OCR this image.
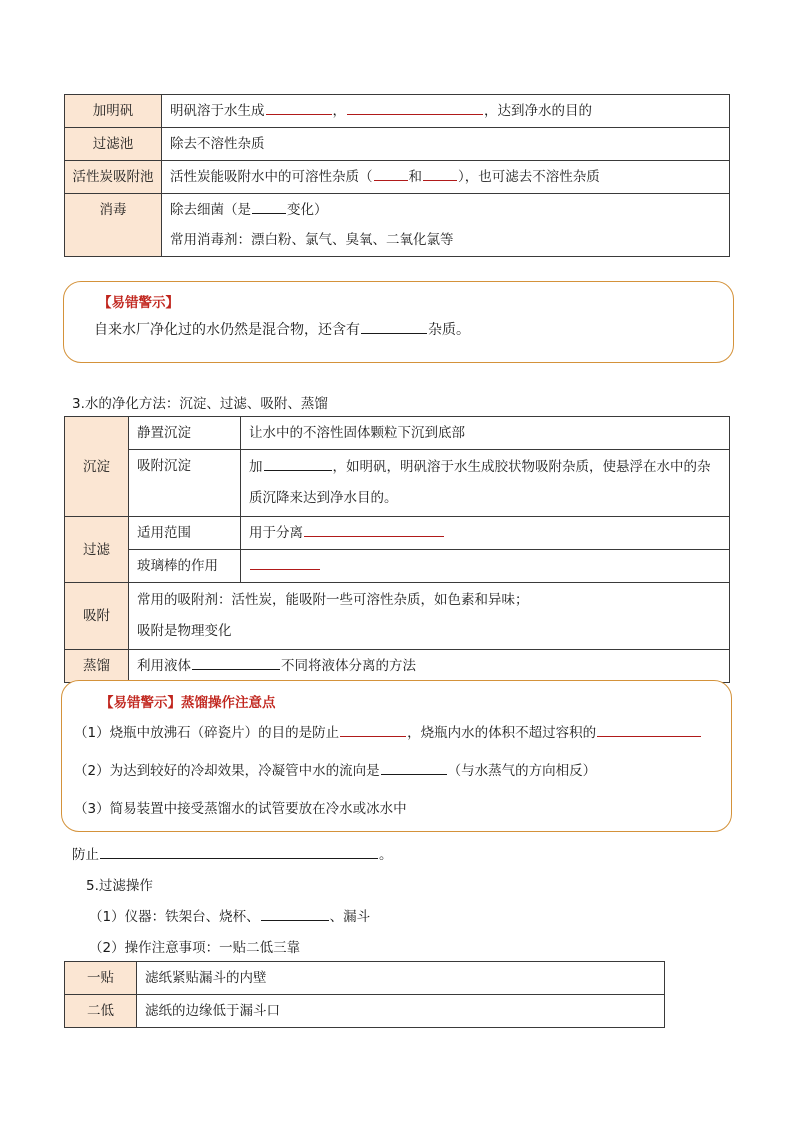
加明矾	明矾溶于水生成 ， ，达到净水的目的
过滤池	除去不溶性杂质
活性炭吸附池	活性炭能吸附水中的可溶性杂质（ 和 ），也可滤去不溶性杂质
消毒	除去细菌（是 变化）
常用消毒剂：漂白粉、氯气、臭氧、二氧化氯等
【易错警示】
自来水厂净化过的水仍然是混合物，还含有	杂质。
3.水的净化方法：沉淀、过滤、吸附、蒸馏
沉淀	静置沉淀	让水中的不溶性固体颗粒下沉到底部
	吸附沉淀	加 ，如明矾，明矾溶于水生成胶状物吸附杂质，使悬浮在水中的杂
质沉降来达到净水目的。

过滤	适用范围	用于分离
	玻璃棒的作用	
吸附	常用的吸附剂：活性炭，能吸附一些可溶性杂质，如色素和异味；
吸附是物理变化	

蒸馏	利用液体 不同将液体分离的方法	
【易错警示】蒸馏操作注意点
（1）烧瓶中放沸石（碎瓷片）的目的是防止	，烧瓶内水的体积不超过容积的
（2）为达到较好的冷却效果，冷凝管中水的流向是	（与水蒸气的方向相反）
（3）简易装置中接受蒸馏水的试管要放在冷水或冰水中
防止	。
5.过滤操作
（1）仪器：铁架台、烧杯、	、漏斗
（2）操作注意事项：一贴二低三靠
一贴	滤纸紧贴漏斗的内壁
二低	滤纸的边缘低于漏斗口
